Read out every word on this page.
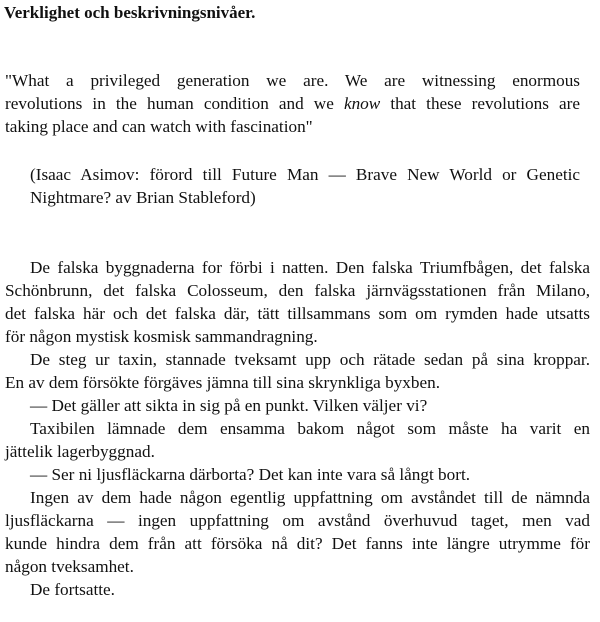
Verklighet och beskrivningsnivåer.

"What a privileged generation we are. We are witnessing enormous

revolutions in the human condition and we know that these revolutions are

taking place and can watch with fascination"

(Isaac Asimov: förord till Future Man — Brave New World or Genetic

Nightmare? av Brian Stableford)

De falska byggnaderna for förbi i natten. Den falska Triumfbågen, det falska

Schönbrunn, det falska Colosseum, den falska järnvägsstationen från Milano,

det falska här och det falska där, tätt tillsammans som om rymden hade utsatts

för någon mystisk kosmisk sammandragning.

De steg ur taxin, stannade tveksamt upp och rätade sedan på sina kroppar.

En av dem försökte förgäves jämna till sina skrynkliga byxben.

— Det gäller att sikta in sig på en punkt. Vilken väljer vi?

Taxibilen lämnade dem ensamma bakom något som måste ha varit en

jättelik lagerbyggnad.

— Ser ni ljusfläckarna därborta? Det kan inte vara så långt bort.

Ingen av dem hade någon egentlig uppfattning om avståndet till de nämnda

ljusfläckarna — ingen uppfattning om avstånd överhuvud taget, men vad

kunde hindra dem från att försöka nå dit? Det fanns inte längre utrymme för

någon tveksamhet.

De fortsatte.
